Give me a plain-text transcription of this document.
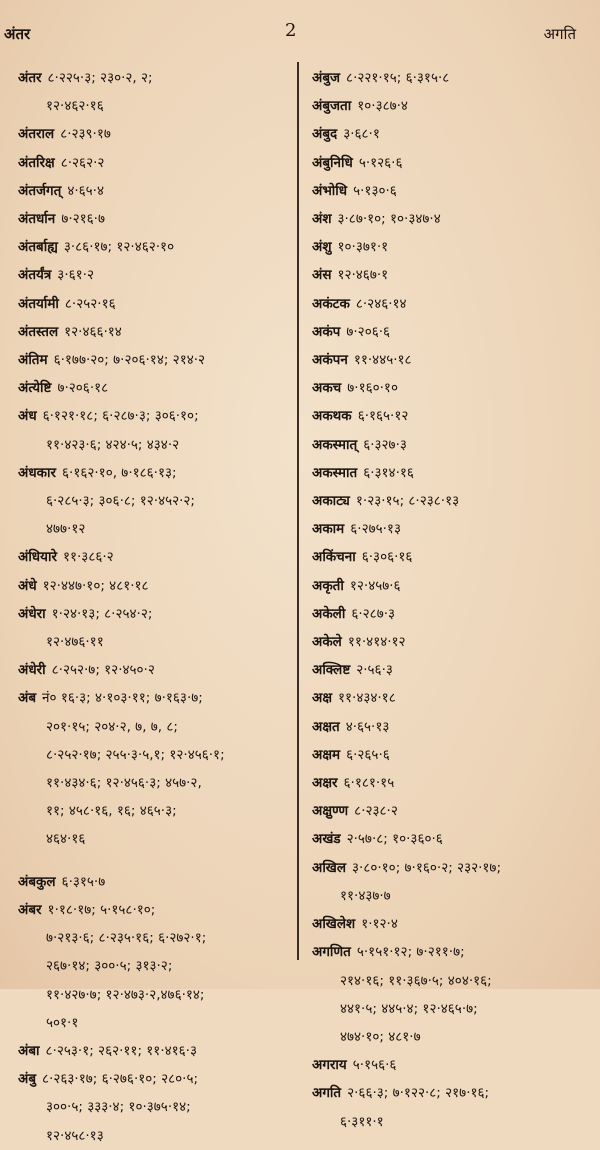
अंतर	2	अगति
अंतर ८·२२५·३; २३०·२, २;
१२·४६२·१६
अंतराल ८·२३९·१७
अंतरिक्ष ८·२६२·२
अंतर्जगत् ४·६५·४
अंतर्धान ७·२१६·७
अंतर्बाह्य ३·८६·१७; १२·४६२·१०
अंतर्यंत्र ३·६१·२
अंतर्यामी ८·२५२·१६
अंतस्तल १२·४६६·१४
अंतिम ६·१७७·२०; ७·२०६·१४; २१४·२
अंत्येष्टि ७·२०६·१८
अंध ६·१२१·१८; ६·२८७·३; ३०६·१०;
११·४२३·६; ४२४·५; ४३४·२
अंधकार ६·१६२·१०, ७·१८६·१३;
६·२८५·३; ३०६·८; १२·४५२·२;
४७७·१२
अंधियारे ११·३८६·२
अंधे १२·४४७·१०; ४८१·१८
अंधेरा १·२४·१३; ८·२५४·२;
१२·४७६·११
अंधेरी ८·२५२·७; १२·४५०·२
अंब नं० १६·३; ४·१०३·११; ७·१६३·७;
२०१·१५; २०४·२, ७, ७, ८;
८·२५२·१७; २५५·३·५,१; १२·४५६·१;
११·४३४·६; १२·४५६·३; ४५७·२,
११; ४५८·१६, १६; ४६५·३;
४६४·१६
अंबकुल ६·३१५·७
अंबर १·१८·१७; ५·१५८·१०;
७·२१३·६; ८·२३५·१६; ६·२७२·१;
२६७·१४; ३००·५; ३१३·२;
११·४२७·७; १२·४७३·२,४७६·१४;
५०१·१
अंबा ८·२५३·१; २६२·११; ११·४१६·३
अंबु ८·२६३·१७; ६·२७६·१०; २८०·५;
३००·५; ३३३·४; १०·३७५·१४;
१२·४५८·१३
अंबुज ८·२२१·१५; ६·३१५·८
अंबुजता १०·३८७·४
अंबुद ३·६८·१
अंबुनिधि ५·१२६·६
अंभोधि ५·१३०·६
अंश ३·८७·१०; १०·३४७·४
अंशु १०·३७१·१
अंस १२·४६७·१
अकंटक ८·२४६·१४
अकंप ७·२०६·६
अकंपन ११·४४५·१८
अकच ७·१६०·१०
अकथक ६·१६५·१२
अकस्मात् ६·३२७·३
अकस्मात ६·३१४·१६
अकाट्य १·२३·१५; ८·२३८·१३
अकाम ६·२७५·१३
अकिंचना ६·३०६·१६
अकृती १२·४५७·६
अकेली ६·२८७·३
अकेले ११·४१४·१२
अक्लिष्ट २·५६·३
अक्ष ११·४३४·१८
अक्षत ४·६५·१३
अक्षम ६·२६५·६
अक्षर ६·१८१·१५
अक्षुण्ण ८·२३८·२
अखंड २·५७·८; १०·३६०·६
अखिल ३·८०·१०; ७·१६०·२; २३२·१७;
११·४३७·७
अखिलेश १·१२·४
अगणित ५·१५१·१२; ७·२११·७;
२१४·१६; ११·३६७·५; ४०४·१६;
४४१·५; ४४५·४; १२·४६५·७;
४७४·१०; ४८१·७
अगराय ५·१५६·६
अगति २·६६·३; ७·१२२·८; २१७·१६;
६·३११·१
